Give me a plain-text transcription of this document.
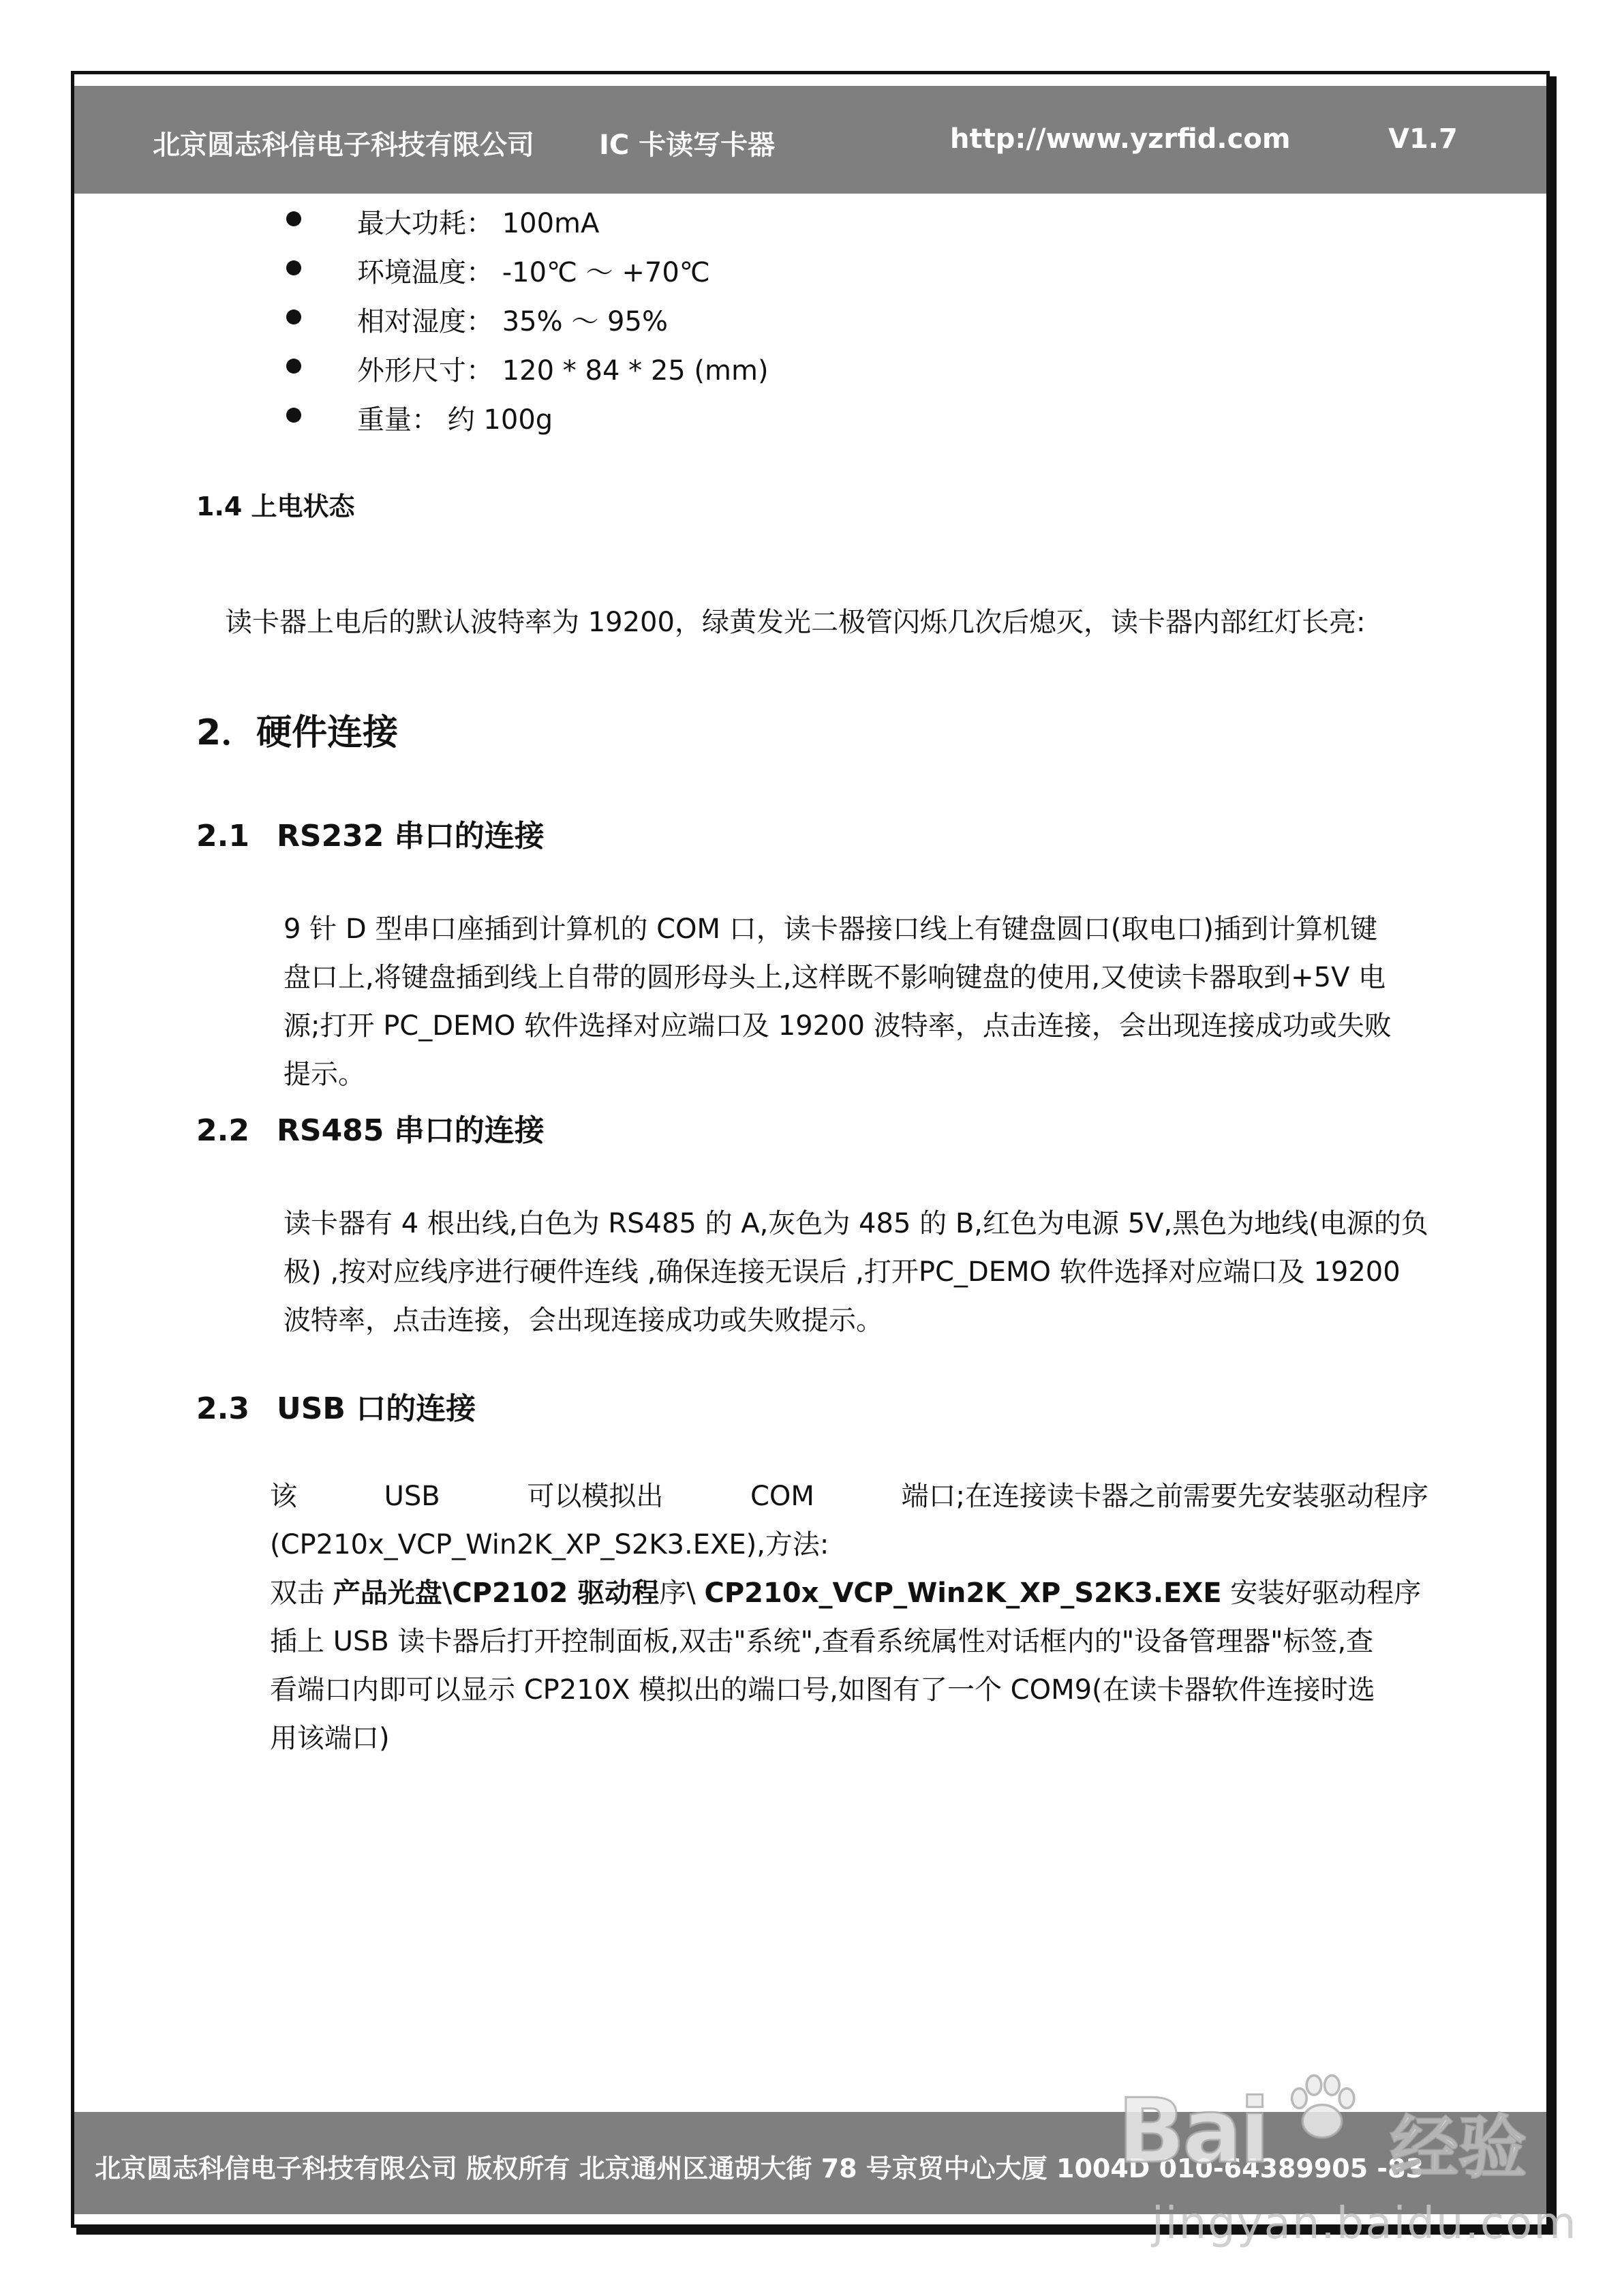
北京圆志科信电子科技有限公司 IC 卡读写卡器	http://www.yzrfid.com	V1.7
最大功耗： 100mA
环境温度： -10℃ ～ +70℃
相对湿度： 35% ～ 95%
外形尺寸： 120 * 84 * 25 (mm)
重量： 约 100g
1.4 上电状态
读卡器上电后的默认波特率为 19200，绿黄发光二极管闪烁几次后熄灭，读卡器内部红灯长亮:
2．硬件连接
2.1 RS232 串口的连接
9 针 D 型串口座插到计算机的 COM 口，读卡器接口线上有键盘圆口(取电口)插到计算机键
盘口上,将键盘插到线上自带的圆形母头上,这样既不影响键盘的使用,又使读卡器取到+5V 电
源;打开 PC_DEMO 软件选择对应端口及 19200 波特率，点击连接，会出现连接成功或失败
提示。
2.2 RS485 串口的连接
读卡器有 4 根出线,白色为 RS485 的 A,灰色为 485 的 B,红色为电源 5V,黑色为地线(电源的负
极) ,按对应线序进行硬件连线 ,确保连接无误后 ,打开PC_DEMO 软件选择对应端口及 19200
波特率，点击连接，会出现连接成功或失败提示。
2.3 USB 口的连接
该	USB	可以模拟出	COM	端口;在连接读卡器之前需要先安装驱动程序
(CP210x_VCP_Win2K_XP_S2K3.EXE),方法:
双击 产品光盘\CP2102 驱动程序\ CP210x_VCP_Win2K_XP_S2K3.EXE 安装好驱动程序
插上 USB 读卡器后打开控制面板,双击"系统",查看系统属性对话框内的"设备管理器"标签,查
看端口内即可以显示 CP210X 模拟出的端口号,如图有了一个 COM9(在读卡器软件连接时选
用该端口)
北京圆志科信电子科技有限公司 版权所有 北京通州区通胡大街 78 号京贸中心大厦 1004D 010-64389905 -83
Bai 经验
jingyan.baidu.com
